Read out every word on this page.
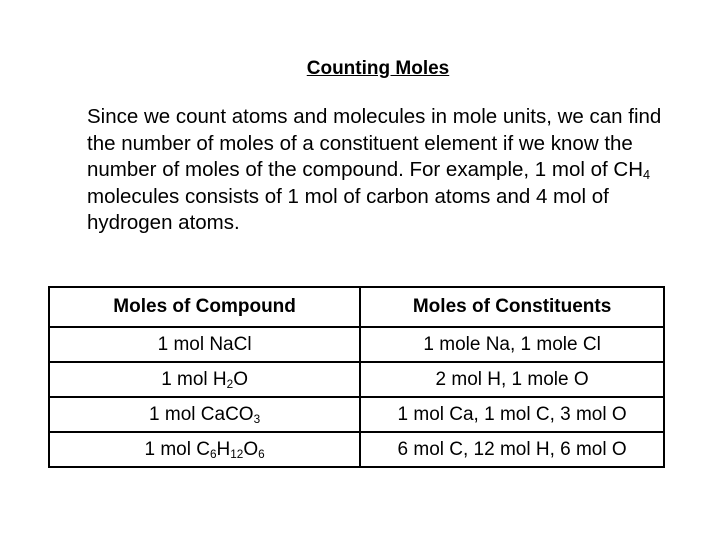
Counting Moles

Since we count atoms and molecules in mole units, we can find the number of moles of a constituent element if we know the number of moles of the compound. For example, 1 mol of $CH_4$ molecules consists of 1 mol of carbon atoms and 4 mol of hydrogen atoms.

Moles of Compound	Moles of Constituents
1 mol NaCl	1 mole Na, 1 mole Cl
1 mol $H_2O$	2 mol H, 1 mole O
1 mol CaCO$_3$	1 mol Ca, 1 mol C, 3 mol O
1 mol $C_6H_{12}O_6$	6 mol C, 12 mol H, 6 mol O
